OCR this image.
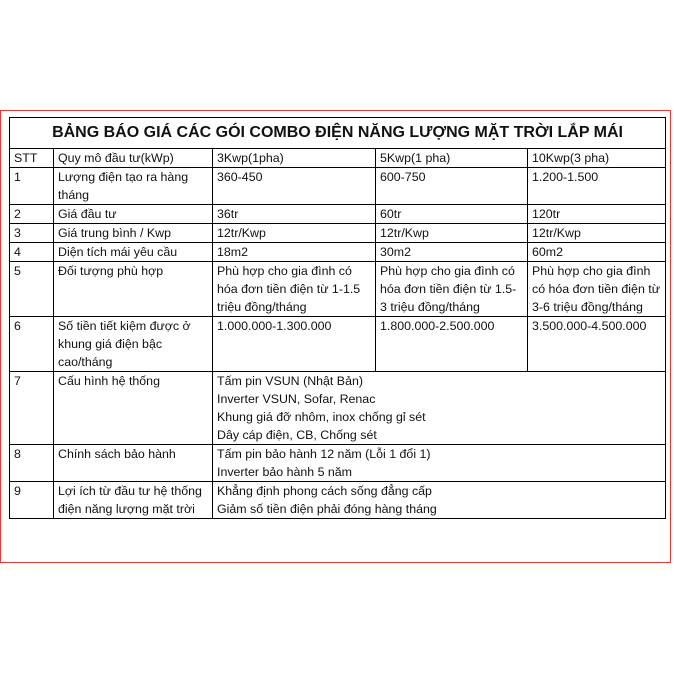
BẢNG BÁO GIÁ CÁC GÓI COMBO ĐIỆN NĂNG LƯỢNG MẶT TRỜI LẮP MÁI				
STT	Quy mô đầu tư(kWp)	3Kwp(1pha)	5Kwp(1 pha)	10Kwp(3 pha)
1	Lượng điện tạo ra hàng tháng	360-450	600-750	1.200-1.500
2	Giá đầu tư	36tr	60tr	120tr
3	Giá trung bình / Kwp	12tr/Kwp	12tr/Kwp	12tr/Kwp
4	Diện tích mái yêu cầu	18m2	30m2	60m2
5	Đối tượng phù hợp	Phù hợp cho gia đình có hóa đơn tiền điện từ 1-1.5 triệu đồng/tháng	Phù hợp cho gia đình có hóa đơn tiền điện từ 1.5-3 triệu đồng/tháng	Phù hợp cho gia đình có hóa đơn tiền điện từ 3-6 triệu đồng/tháng
6	Số tiền tiết kiệm được ở khung giá điện bậc cao/tháng	1.000.000-1.300.000	1.800.000-2.500.000	3.500.000-4.500.000
7	Cấu hình hệ thống	Tấm pin VSUN (Nhật Bản)
Inverter VSUN, Sofar, Renac
Khung giá đỡ nhôm, inox chống gỉ sét
Dây cáp điện, CB, Chống sét		

8	Chính sách bảo hành	Tấm pin bảo hành 12 năm (Lỗi 1 đổi 1)
Inverter bảo hành 5 năm		

9	Lợi ích từ đầu tư hệ thống điện năng lượng mặt trời	Khẳng định phong cách sống đẳng cấp
Giảm số tiền điện phải đóng hàng tháng		
